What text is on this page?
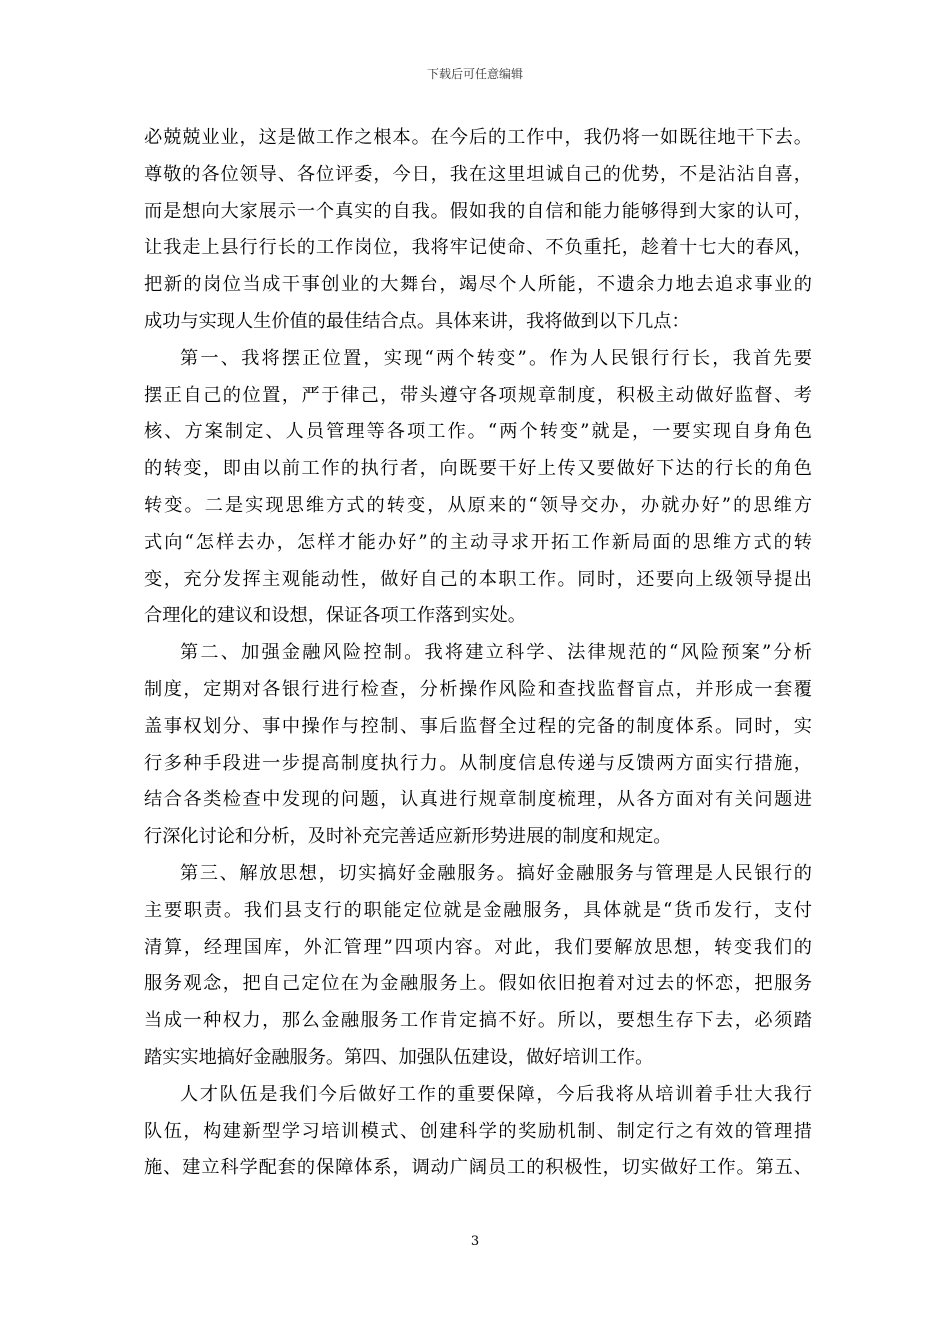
下载后可任意编辑
必兢兢业业，这是做工作之根本。在今后的工作中，我仍将一如既往地干下去。
尊敬的各位领导、各位评委，今日，我在这里坦诚自己的优势，不是沾沾自喜，
而是想向大家展示一个真实的自我。假如我的自信和能力能够得到大家的认可，
让我走上县行行长的工作岗位，我将牢记使命、不负重托，趁着十七大的春风，
把新的岗位当成干事创业的大舞台，竭尽个人所能，不遗余力地去追求事业的
成功与实现人生价值的最佳结合点。具体来讲，我将做到以下几点：
第一、我将摆正位置，实现“两个转变”。作为人民银行行长，我首先要
摆正自己的位置，严于律己，带头遵守各项规章制度，积极主动做好监督、考
核、方案制定、人员管理等各项工作。“两个转变”就是，一要实现自身角色
的转变，即由以前工作的执行者，向既要干好上传又要做好下达的行长的角色
转变。二是实现思维方式的转变，从原来的“领导交办，办就办好”的思维方
式向“怎样去办，怎样才能办好”的主动寻求开拓工作新局面的思维方式的转
变，充分发挥主观能动性，做好自己的本职工作。同时，还要向上级领导提出
合理化的建议和设想，保证各项工作落到实处。
第二、加强金融风险控制。我将建立科学、法律规范的“风险预案”分析
制度，定期对各银行进行检查，分析操作风险和查找监督盲点，并形成一套覆
盖事权划分、事中操作与控制、事后监督全过程的完备的制度体系。同时，实
行多种手段进一步提高制度执行力。从制度信息传递与反馈两方面实行措施，
结合各类检查中发现的问题，认真进行规章制度梳理，从各方面对有关问题进
行深化讨论和分析，及时补充完善适应新形势进展的制度和规定。
第三、解放思想，切实搞好金融服务。搞好金融服务与管理是人民银行的
主要职责。我们县支行的职能定位就是金融服务，具体就是“货币发行，支付
清算，经理国库，外汇管理”四项内容。对此，我们要解放思想，转变我们的
服务观念，把自己定位在为金融服务上。假如依旧抱着对过去的怀恋，把服务
当成一种权力，那么金融服务工作肯定搞不好。所以，要想生存下去，必须踏
踏实实地搞好金融服务。第四、加强队伍建设，做好培训工作。
人才队伍是我们今后做好工作的重要保障，今后我将从培训着手壮大我行
队伍，构建新型学习培训模式、创建科学的奖励机制、制定行之有效的管理措
施、建立科学配套的保障体系，调动广阔员工的积极性，切实做好工作。第五、
3
